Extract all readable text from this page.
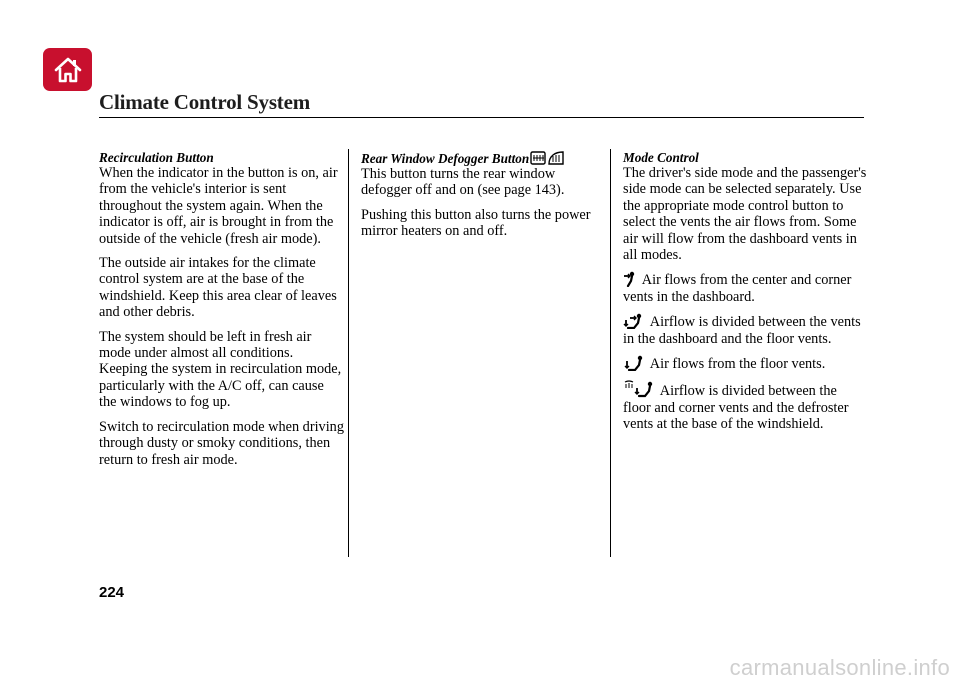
Climate Control System
Recirculation Button

When the indicator in the button is on, air from the vehicle's interior is sent throughout the system again. When the indicator is off, air is brought in from the outside of the vehicle (fresh air mode).

The outside air intakes for the climate control system are at the base of the windshield. Keep this area clear of leaves and other debris.

The system should be left in fresh air mode under almost all conditions. Keeping the system in recirculation mode, particularly with the A/C off, can cause the windows to fog up.

Switch to recirculation mode when driving through dusty or smoky conditions, then return to fresh air mode.

Rear Window Defogger Button

This button turns the rear window defogger off and on (see page 143).

Pushing this button also turns the power mirror heaters on and off.

Mode Control

The driver's side mode and the passenger's side mode can be selected separately. Use the appropriate mode control button to select the vents the air flows from. Some air will flow from the dashboard vents in all modes.

Air flows from the center and corner vents in the dashboard.

Airflow is divided between the vents in the dashboard and the floor vents.

Air flows from the floor vents.

Airflow is divided between the floor and corner vents and the defroster vents at the base of the windshield.

224
carmanualsonline.info
